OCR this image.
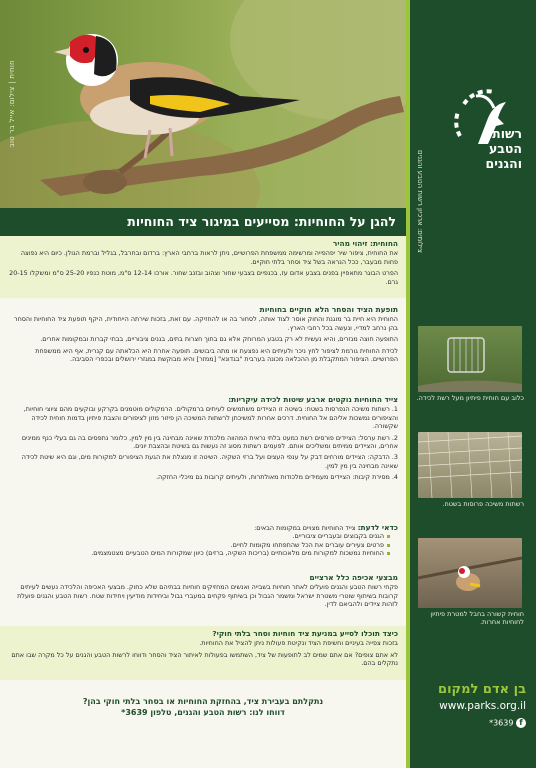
חוחית | צילום: אייל בר טוב	רשות
הטבע
והגנים
צילומים: ארכיון רשות הטבע והגנים
כלוב עם חוחית פיתיון מעל רשת לכידה.
רשתות משיכה פרוסות בשטח.
חוחית קשורה בחבל למטרת פיתיון לחוחיות אחרות.
בן אדם למקום
www.parks.org.il
*3639 f
להגן על החוחיות: מסייעים במיגור ציד החוחיות
החוחית: זיהוי מהיר

את החוחית, ציפור שיר יפהפייה ומרשימה ממשפחת הפרושיים, ניתן לראות ברחבי הארץ: ברדום ובחרבל, בגליל וברמת הגולן. כיום היא נפוצה פחות מבעבר, ככל הנראה בשל ציד וסחר בלתי חוקיים.

הפרט הבוגר מתאפיין בפנים בצבע אדום עז, בכנפיים בצבעי שחור וצהוב ובזנב שחור. אורכו 12-14 ס"מ, מוטת כנפיו 25-20 ס"מ ומשקלו 20-15 גרם.

תופעת הציד והסחר הלא חוקיים בחוחיות

החוחית היא חיית בר מוגנת והחוק אוסר לצוד אותה, לסחור בה או להחזיקה. עם זאת, בזכות שירתה הייחודית, היקף תופעת ציד החוחיות והסחר בהן נרחב למדיי, ונעשה בכל רחבי הארץ.

התופעה חוצה מגזרים, והיא נעשית לא רק בטבע המרוחק אלא גם בתוך חצרות בתים, בגנים ציבוריים, בבתי קברות ובמקומות אחרים.

לכידת החוחית גורמת לציפור לחץ ניכר ולעיתים היא נפצעת או מתה ביבושים. תופעה אחרת היא הכלאתה עם קנרית, אף היא ממשפחת הפרושיים. הציפור המתקבלת מן ההכלאה מכונה בערבית "בגדונא" [ממזר] והיא מבוקשת במגזרי ירושלים ובכפרי הסביבה.

צייד החוחיות נוקטים ארבע שיטות לכידה עיקריות:

1. רשתות משיכה הנפרסות בשטח: בשיטה זו הציידים משתמשים לעיתים ברמקולים. הרמקולים מוטמנים בקרקע ובוקעים מהם ציוצי חוחיות, והציפורים נמשכות אליהם אל החוחית. דרכים אחרות למשיכתן לרשתות המשיכה הן פיזור מזון לציפורים והצבת פיתיון בדמות חוחית לכידה שקשורה.

2. רשת ערסל: הציידים פורסים רשת כמעט בלתי נראית המהווה מלכודת שאינה מבחינה בין מין למין, כלומר נתפסים בה גם בעלי כנף ממינים אחרים, והציידים ממיתים ומשליכים אותם. לפעמים רשתות מסוג זה נעשות גם בשיטת ובהצבת יונים.

3. הדבקה: הציידים מורחים דבק על ענפי העצים ועל ברזי השקיה. השיטה זו מנצלת את הגעת הציפורים למקורות מים, וגם היא שיטת לכידה שאינה מבחינה בין מין למין.

4. מסירת קיבות: הציידים מעמידים מלכודות מאולתרות, ולעיתים קרובות גם מיכלי החזקה.

כדאי לדעת: צייד החוחיות מצויים במקומות הבאים:
הגנים בקבוצים ובעבריים ציבוריים.
פרטים צעירים עוברים את הכל שהתפתחו מקומות לחיים.
החוחיות נמשכות למקורות מים מלאכותיים (בריכות השקיה, ברזים) כיוון שמקורות המים הטבעיים מצטמצמים.
מבצעי אכיפה כלל ארציים

פקחי רשות הטבע והגנים פועלים לאתר חוחיות בשבייה ואנשים המחזיקים חוחיות בבתיהם שלא כחוק. מבצעי האכיפה והלכידה נעשים לעיתים קרובות בשיתוף שוטרי משטרת ישראל ומשמר הגבול וכן בשיתוף פקחים במעברי גבול וביחידות מודיעין ויחידות שטח. רשות הטבע והגנים פועלת לזהות ציידים ולהביאם לדין.

כיצד תוכלו לסייע במניעת ציד חוחיות וסחר בלתי חוקי?

בזכות צפייה בעיניים וחשיפת הציד ונקיטת פעולות ניתן להציל את החוחיות.

לא אתם צופים? אם אתם שמים לב לתופעות של ציד, השתמשו בפעולות לאיתור הציד והסחר ודווחו לרשות הטבע והגנים על כל מקרה שבו אתם נתקלים בהם.

נתקלתם בעבירת ציד, בהחזקת החוחיות או בסחר בלתי חוקי בהן?
דווחו לנו: רשות הטבע והגנים, טלפון 3639*
